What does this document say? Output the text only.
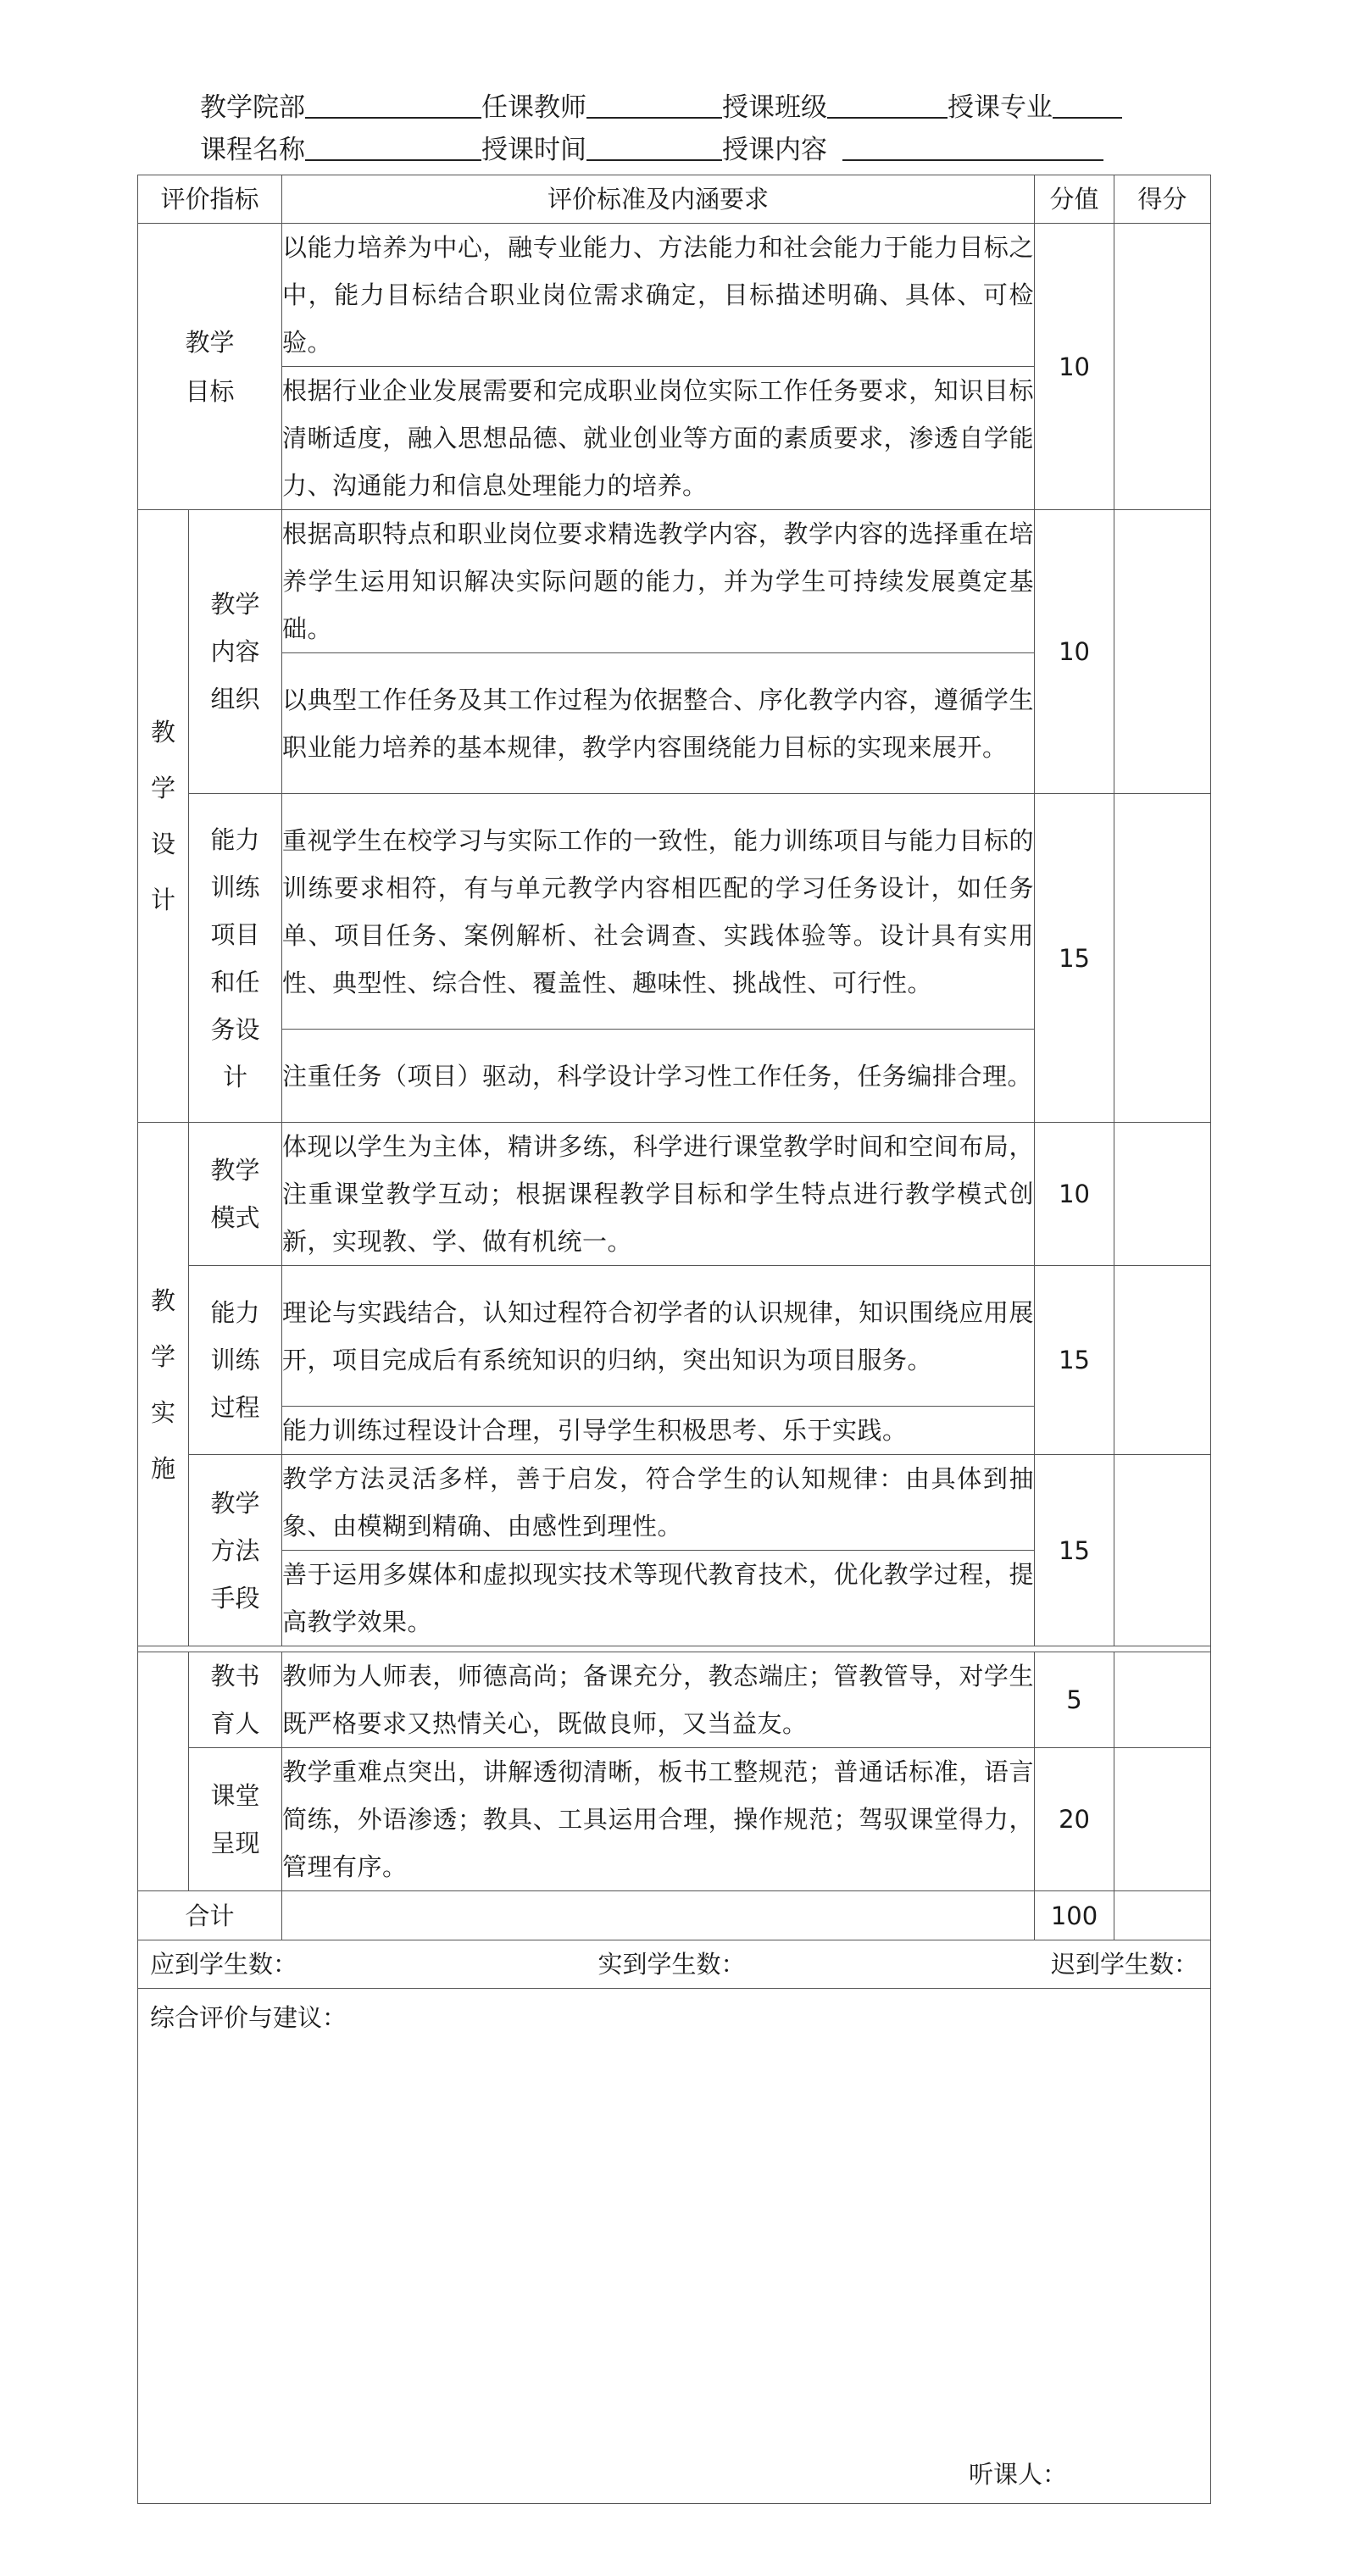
教学院部	任课教师	授课班级	授课专业
课程名称	授课时间	授课内容
评价指标		评价标准及内涵要求	分值	得分

教学目标		以能力培养为中心，融专业能力、方法能力和社会能力于能力目标之中，能力目标结合职业岗位需求确定，目标描述明确、具体、可检验。	10	
		根据行业企业发展需要和完成职业岗位实际工作任务要求，知识目标清晰适度，融入思想品德、就业创业等方面的素质要求，渗透自学能力、沟通能力和信息处理能力的培养。		

教学设计	教学内容组织	根据高职特点和职业岗位要求精选教学内容，教学内容的选择重在培养学生运用知识解决实际问题的能力，并为学生可持续发展奠定基础。	10	
		以典型工作任务及其工作过程为依据整合、序化教学内容，遵循学生职业能力培养的基本规律，教学内容围绕能力目标的实现来展开。		

	能力训练项目和任务设计	重视学生在校学习与实际工作的一致性，能力训练项目与能力目标的训练要求相符，有与单元教学内容相匹配的学习任务设计，如任务单、项目任务、案例解析、社会调查、实践体验等。设计具有实用性、典型性、综合性、覆盖性、趣味性、挑战性、可行性。	15	
		注重任务（项目）驱动，科学设计学习性工作任务，任务编排合理。		

教学实施	教学模式	体现以学生为主体，精讲多练，科学进行课堂教学时间和空间布局，注重课堂教学互动；根据课程教学目标和学生特点进行教学模式创新，实现教、学、做有机统一。	10	

	能力训练过程	理论与实践结合，认知过程符合初学者的认识规律，知识围绕应用展开，项目完成后有系统知识的归纳，突出知识为项目服务。	15	
		能力训练过程设计合理，引导学生积极思考、乐于实践。		

	教学方法手段	教学方法灵活多样，善于启发，符合学生的认知规律：由具体到抽象、由模糊到精确、由感性到理性。	15	
		善于运用多媒体和虚拟现实技术等现代教育技术，优化教学过程，提高教学效果。		

	教书育人	教师为人师表，师德高尚；备课充分，教态端庄；管教管导，对学生既严格要求又热情关心，既做良师，又当益友。	5	

	课堂呈现	教学重难点突出，讲解透彻清晰，板书工整规范；普通话标准，语言简练，外语渗透；教具、工具运用合理，操作规范；驾驭课堂得力，管理有序。	20	
合计			100	

应到学生数： 实到学生数： 迟到学生数：				

综合评价与建议：
听课人：				
